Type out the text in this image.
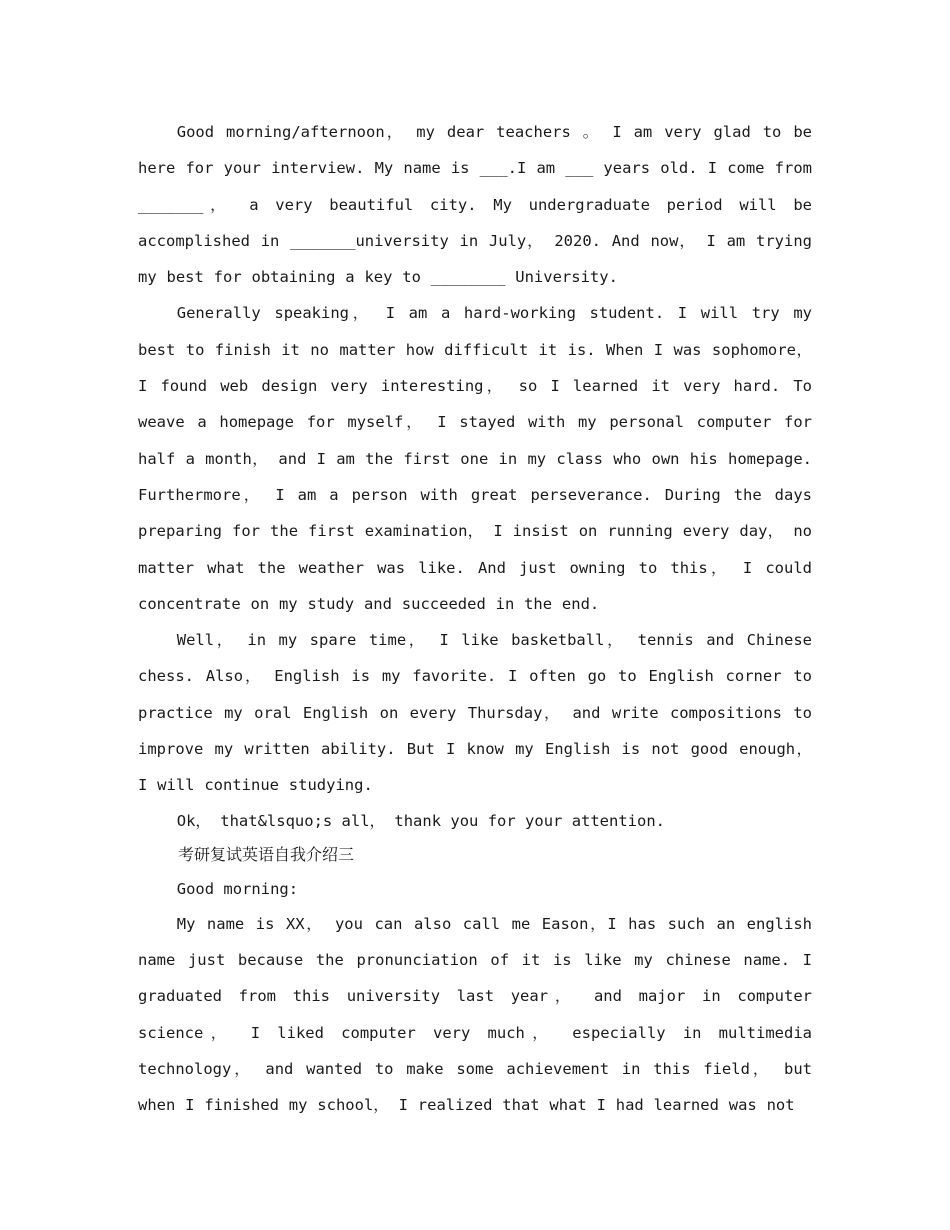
Good morning/afternoon， my dear teachers 。 I am very glad to be here for your interview. My name is ___.I am ___ years old. I come from _______， a very beautiful city. My undergraduate period will be accomplished in _______university in July， 2020. And now， I am trying my best for obtaining a key to ________ University.

Generally speaking， I am a hard-working student. I will try my best to finish it no matter how difficult it is. When I was sophomore， I found web design very interesting， so I learned it very hard. To weave a homepage for myself， I stayed with my personal computer for half a month， and I am the first one in my class who own his homepage. Furthermore， I am a person with great perseverance. During the days preparing for the first examination， I insist on running every day， no matter what the weather was like. And just owning to this， I could concentrate on my study and succeeded in the end.

Well， in my spare time， I like basketball， tennis and Chinese chess. Also， English is my favorite. I often go to English corner to practice my oral English on every Thursday， and write compositions to improve my written ability. But I know my English is not good enough， I will continue studying.

Ok， that&lsquo;s all， thank you for your attention.

考研复试英语自我介绍三

Good morning:

My name is XX， you can also call me Eason，I has such an english name just because the pronunciation of it is like my chinese name. I graduated from this university last year， and major in computer science， I liked computer very much， especially in multimedia technology， and wanted to make some achievement in this field， but when I finished my school， I realized that what I had learned was not
